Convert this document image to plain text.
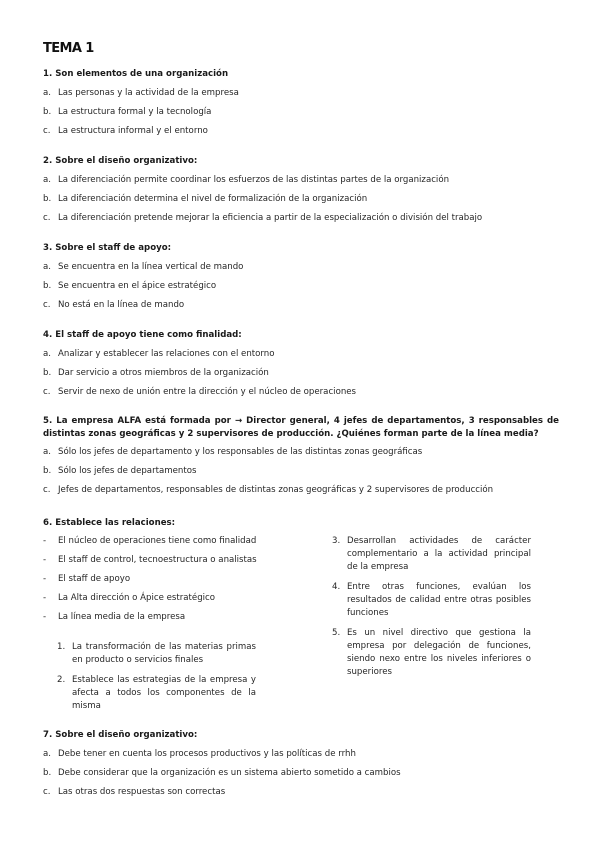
TEMA 1

1. Son elementos de una organización

a. Las personas y la actividad de la empresa
b. La estructura formal y la tecnología
c. La estructura informal y el entorno

2. Sobre el diseño organizativo:

a. La diferenciación permite coordinar los esfuerzos de las distintas partes de la organización
b. La diferenciación determina el nivel de formalización de la organización
c. La diferenciación pretende mejorar la eficiencia a partir de la especialización o división del trabajo

3. Sobre el staff de apoyo:

a. Se encuentra en la línea vertical de mando
b. Se encuentra en el ápice estratégico
c. No está en la línea de mando

4. El staff de apoyo tiene como finalidad:

a. Analizar y establecer las relaciones con el entorno
b. Dar servicio a otros miembros de la organización
c. Servir de nexo de unión entre la dirección y el núcleo de operaciones

5. La empresa ALFA está formada por → Director general, 4 jefes de departamentos, 3 responsables de distintas zonas geográficas y 2 supervisores de producción. ¿Quiénes forman parte de la línea media?

a. Sólo los jefes de departamento y los responsables de las distintas zonas geográficas
b. Sólo los jefes de departamentos
c. Jefes de departamentos, responsables de distintas zonas geográficas y 2 supervisores de producción

6. Establece las relaciones:

-	El núcleo de operaciones tiene como finalidad
-	El staff de control, tecnoestructura o analistas
-	El staff de apoyo
-	La Alta dirección o Ápice estratégico
-	La línea media de la empresa
1. La transformación de las materias primas en producto o servicios finales
2. Establece las estrategias de la empresa y afecta a todos los componentes de la misma
3. Desarrollan actividades de carácter complementario a la actividad principal de la empresa
4. Entre otras funciones, evalúan los resultados de calidad entre otras posibles funciones
5. Es un nivel directivo que gestiona la empresa por delegación de funciones, siendo nexo entre los niveles inferiores o superiores

7. Sobre el diseño organizativo:

a. Debe tener en cuenta los procesos productivos y las políticas de rrhh
b. Debe considerar que la organización es un sistema abierto sometido a cambios
c. Las otras dos respuestas son correctas
